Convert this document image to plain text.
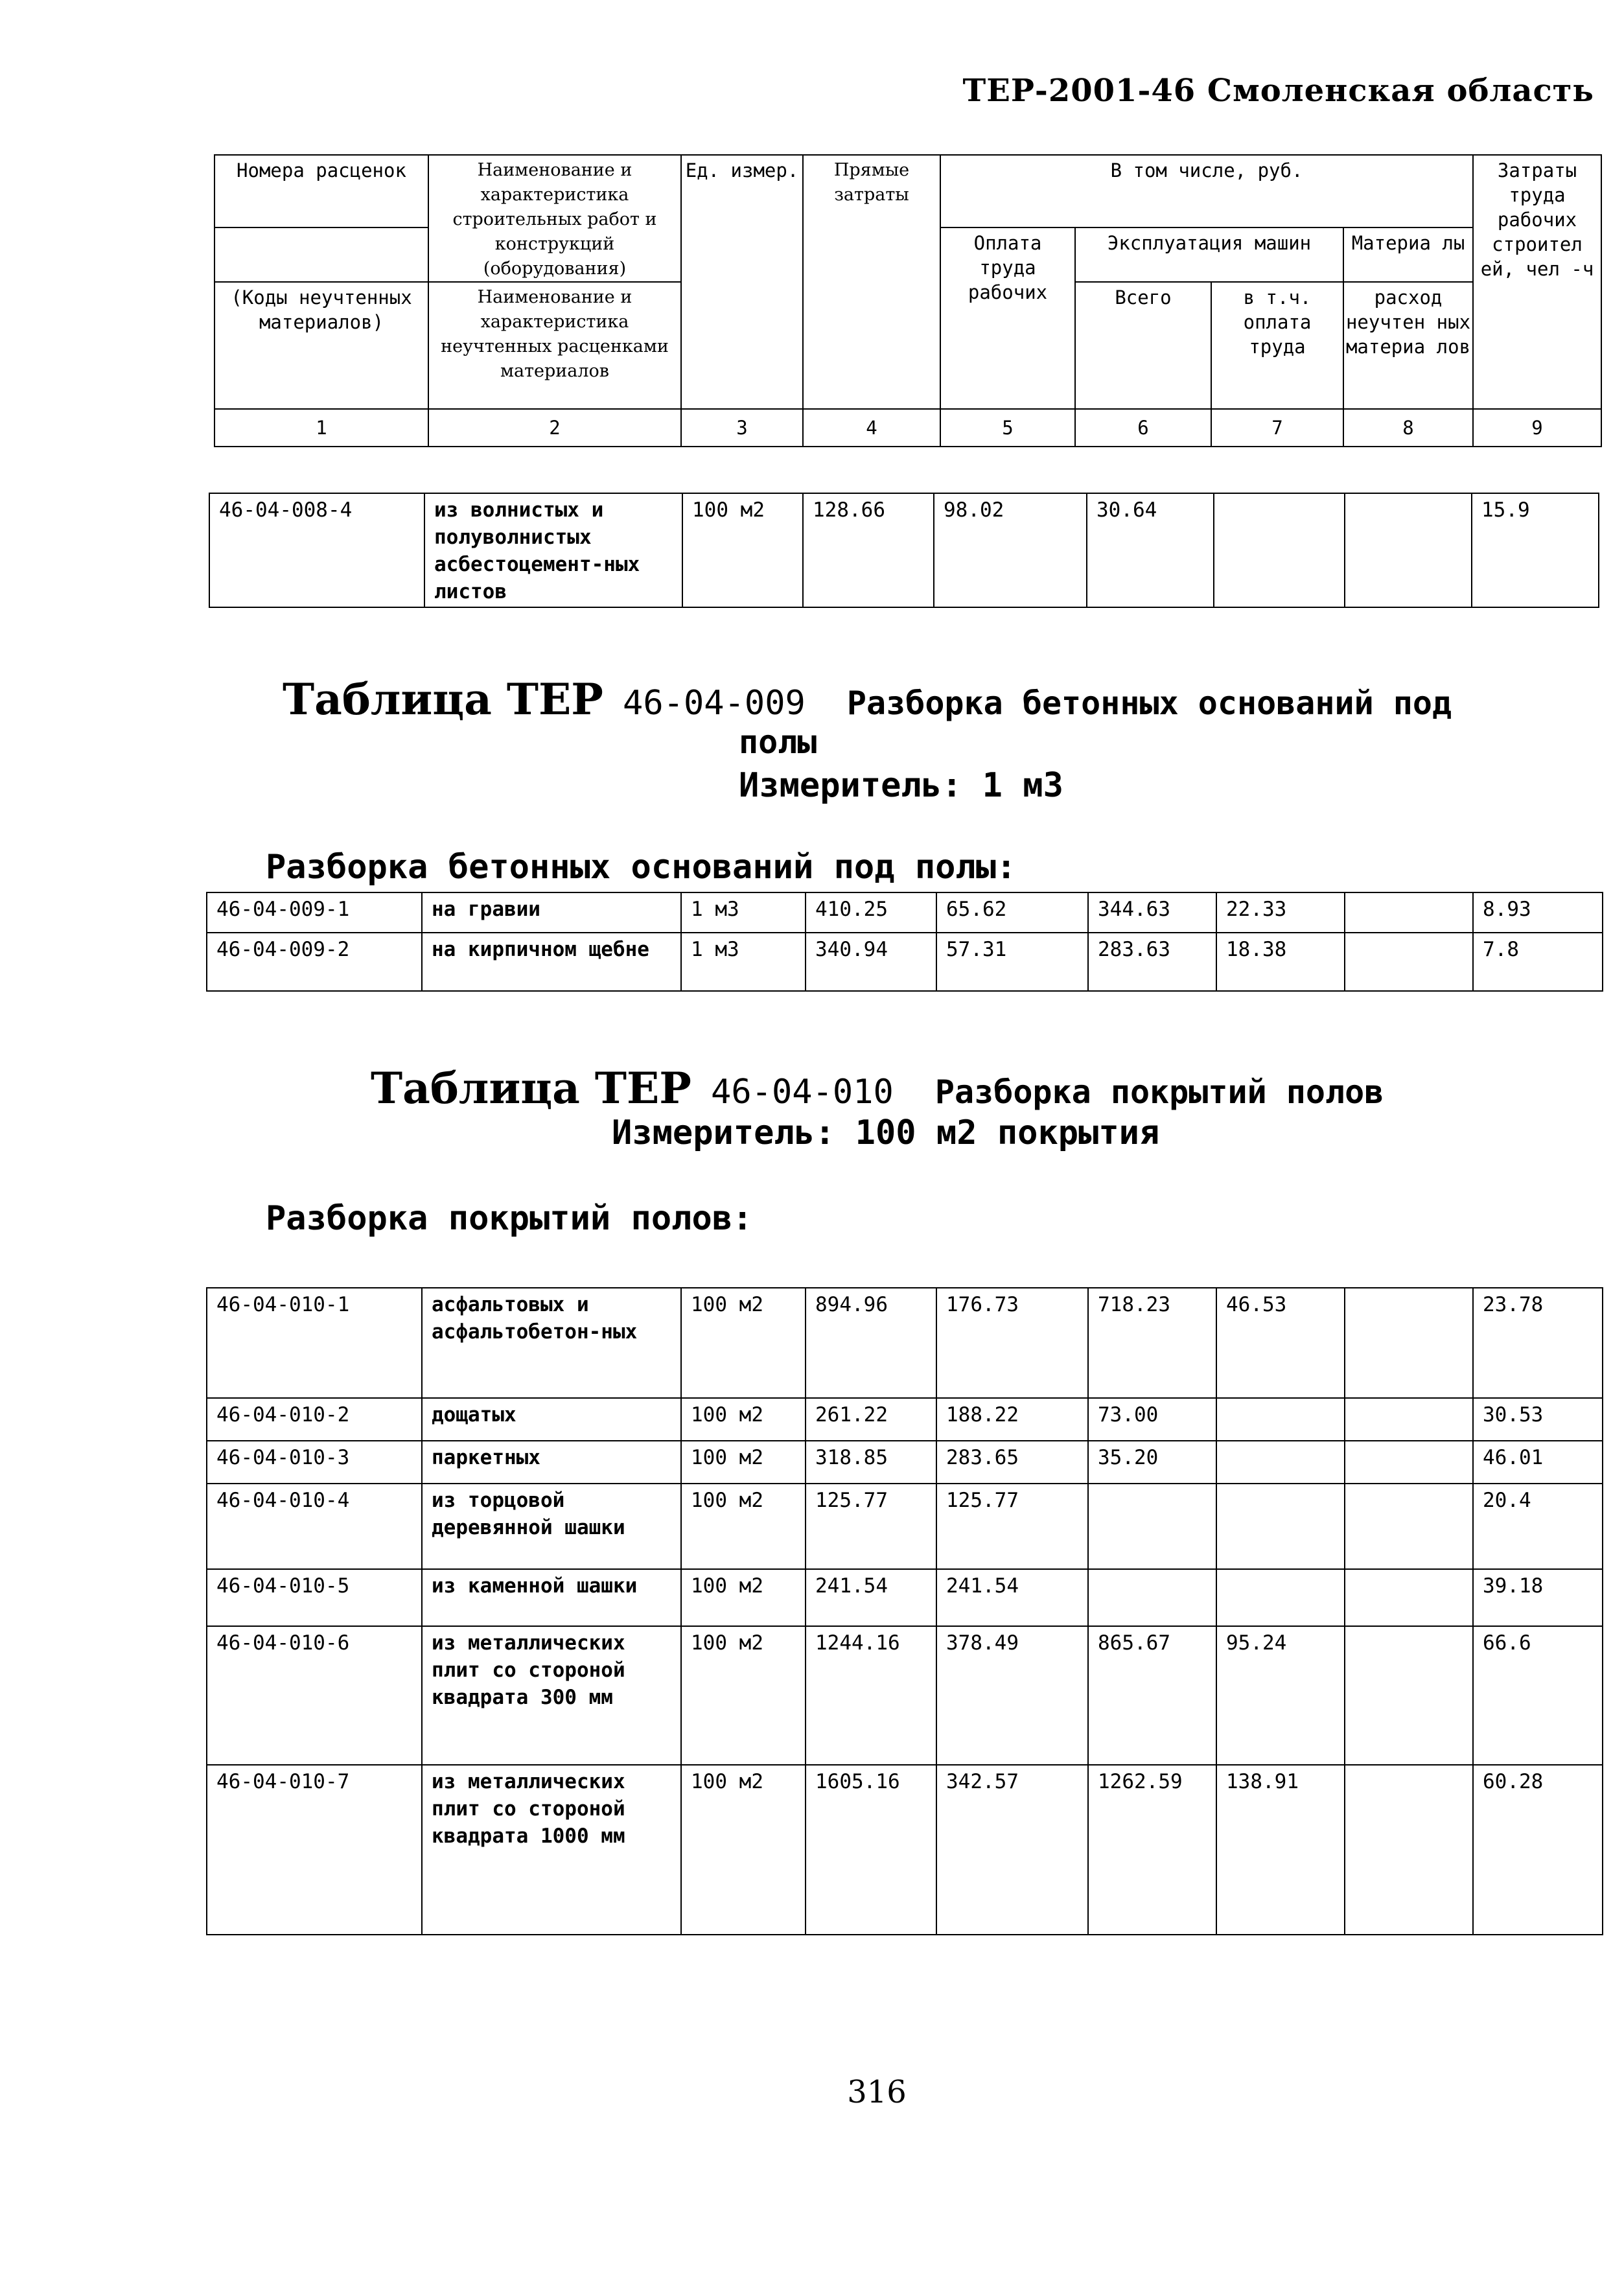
ТЕР-2001-46 Смоленская область
Номера расценок	Наименование и характеристика строительных работ и конструкций (оборудования)	Ед. измер.	Прямые затраты	В том числе, руб.				Затраты труда рабочих строител ей, чел -ч
				Оплата труда рабочих	Эксплуатация машин		Материа лы	
(Коды неучтенных материалов)	Наименование и характеристика неучтенных расценками материалов				Всего	в т.ч. оплата труда	расход неучтен ных материа лов	
1	2	3	4	5	6	7	8	9
46-04-008-4	из волнистых и полуволнистых асбестоцемент-ных листов	100 м2	128.66	98.02	30.64			15.9
Таблица ТЕР 46-04-009 Разборка бетонных оснований под
полы
Измеритель: 1 м3
Разборка бетонных оснований под полы:
46-04-009-1	на гравии	1 м3	410.25	65.62	344.63	22.33		8.93
46-04-009-2	на кирпичном щебне	1 м3	340.94	57.31	283.63	18.38		7.8
Таблица ТЕР 46-04-010 Разборка покрытий полов
Измеритель: 100 м2 покрытия
Разборка покрытий полов:
46-04-010-1	асфальтовых и асфальтобетон-ных	100 м2	894.96	176.73	718.23	46.53		23.78
46-04-010-2	дощатых	100 м2	261.22	188.22	73.00			30.53
46-04-010-3	паркетных	100 м2	318.85	283.65	35.20			46.01
46-04-010-4	из торцовой деревянной шашки	100 м2	125.77	125.77				20.4
46-04-010-5	из каменной шашки	100 м2	241.54	241.54				39.18
46-04-010-6	из металлических плит со стороной квадрата 300 мм	100 м2	1244.16	378.49	865.67	95.24		66.6
46-04-010-7	из металлических плит со стороной квадрата 1000 мм	100 м2	1605.16	342.57	1262.59	138.91		60.28
316
